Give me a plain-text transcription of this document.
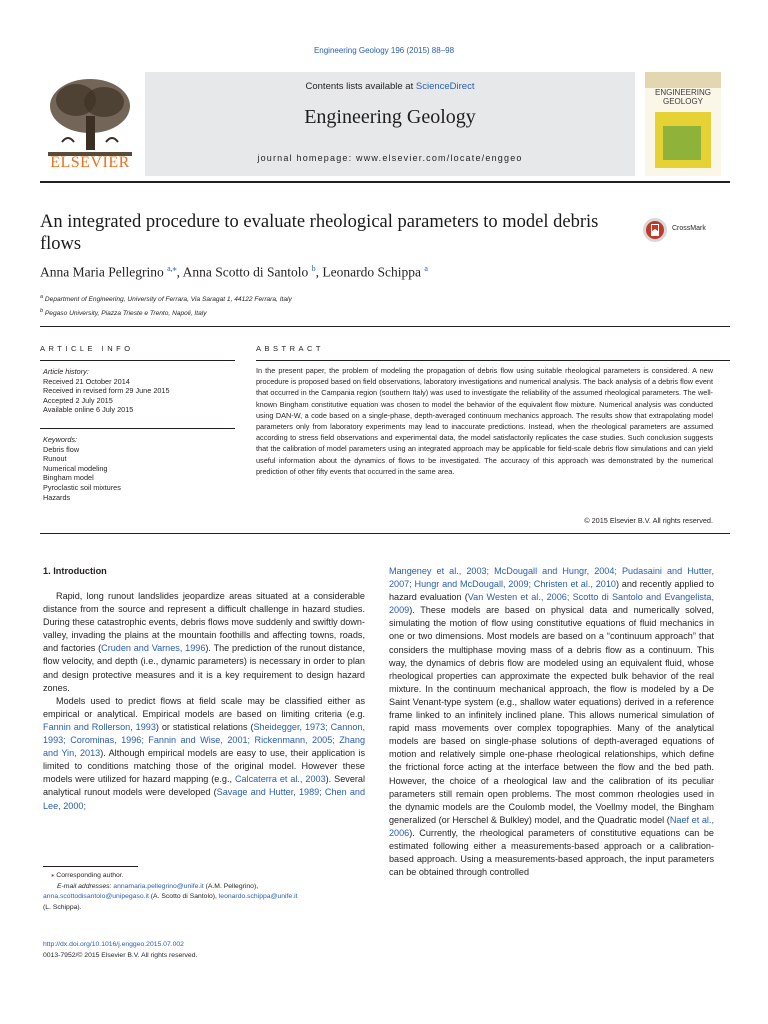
Engineering Geology 196 (2015) 88–98
ELSEVIER
Contents lists available at ScienceDirect
Engineering Geology
journal homepage: www.elsevier.com/locate/enggeo
ENGINEERING
GEOLOGY
An integrated procedure to evaluate rheological parameters to model debris flows
CrossMark
Anna Maria Pellegrino $^{a,⁎}$, Anna Scotto di Santolo $^b$, Leonardo Schippa $^a$
$^a$ Department of Engineering, University of Ferrara, Via Saragat 1, 44122 Ferrara, Italy
$^b$ Pegaso University, Piazza Trieste e Trento, Napoli, Italy
ARTICLE INFO	ABSTRACT
Article history:
Received 21 October 2014
Received in revised form 29 June 2015
Accepted 2 July 2015
Available online 6 July 2015
Keywords:
Debris flow
Runout
Numerical modeling
Bingham model
Pyroclastic soil mixtures
Hazards
In the present paper, the problem of modeling the propagation of debris flow using suitable rheological parameters is considered. A new procedure is proposed based on field observations, laboratory investigations and numerical analysis. The back analysis of a debris flow event that occurred in the Campania region (southern Italy) was used to investigate the reliability of the assumed rheological parameters. The well-known Bingham constitutive equation was chosen to model the behavior of the equivalent flow mixture. Numerical analysis was conducted using DAN-W, a code based on a single-phase, depth-averaged continuum mechanics approach. The results show that extrapolating model parameters only from laboratory experiments may lead to inaccurate predictions. Instead, when the rheological parameters are assumed according to stress field observations and experimental data, the model satisfactorily replicates the case studies. Such conclusion suggests that the calibration of model parameters using an integrated approach may be applicable for field-scale debris flow simulations and can yield useful information about the dynamics of flows to be investigated. The accuracy of this approach was demonstrated by the numerical prediction of other fifty events that occurred in the same area.
© 2015 Elsevier B.V. All rights reserved.
1. Introduction

Rapid, long runout landslides jeopardize areas situated at a considerable distance from the source and represent a difficult challenge in hazard studies. During these catastrophic events, debris flows move suddenly and swiftly down-valley, invading the plains at the mountain foothills and affecting towns, roads, and factories (Cruden and Varnes, 1996). The prediction of the runout distance, flow velocity, and depth (i.e., dynamic parameters) is necessary in order to plan and design protective measures and it is a key requirement to design hazard zones.

Models used to predict flows at field scale may be classified either as empirical or analytical. Empirical models are based on limiting criteria (e.g. Fannin and Rollerson, 1993) or statistical relations (Sheidegger, 1973; Cannon, 1993; Corominas, 1996; Fannin and Wise, 2001; Rickenmann, 2005; Zhang and Yin, 2013). Although empirical models are easy to use, their application is limited to conditions matching those of the original model. However these models were utilized for hazard mapping (e.g., Calcaterra et al., 2003). Several analytical runout models were developed (Savage and Hutter, 1989; Chen and Lee, 2000;

Mangeney et al., 2003; McDougall and Hungr, 2004; Pudasaini and Hutter, 2007; Hungr and McDougall, 2009; Christen et al., 2010) and recently applied to hazard evaluation (Van Westen et al., 2006; Scotto di Santolo and Evangelista, 2009). These models are based on physical data and numerically solved, simulating the motion of flow using constitutive equations of fluid mechanics in one or two dimensions. Most models are based on a “continuum approach” that considers the multiphase moving mass of a debris flow as a continuum. This way, the dynamics of debris flow are modeled using an equivalent fluid, whose rheological properties can approximate the expected bulk behavior of the real mixture. In the continuum mechanical approach, the flow is modeled by a De Saint Venant-type system (e.g., shallow water equations) derived in a reference frame linked to an infinitely inclined plane. This allows numerical simulation of rapid mass movements over complex topographies. Many of the analytical models are based on single-phase solutions of depth-averaged equations of motion and relatively simple one-phase rheological relationships, which define the frictional force acting at the interface between the flow and the bed path. However, the choice of a rheological law and the calibration of its peculiar parameters still remain open problems. The most common rheologies used in the dynamic models are the Coulomb model, the Voellmy model, the Bingham generalized (or Herschel & Bulkley) model, and the Quadratic model (Naef et al., 2006). Currently, the rheological parameters of constitutive equations can be estimated following either a measurements-based approach or a calibration-based approach. Using a measurements-based approach, the input parameters can be obtained through controlled

⁎ Corresponding author.
E-mail addresses: annamaria.pellegrino@unife.it (A.M. Pellegrino),
anna.scottodisantolo@unipegaso.it (A. Scotto di Santolo), leonardo.schippa@unife.it
(L. Schippa).
http://dx.doi.org/10.1016/j.enggeo.2015.07.002
0013-7952/© 2015 Elsevier B.V. All rights reserved.
